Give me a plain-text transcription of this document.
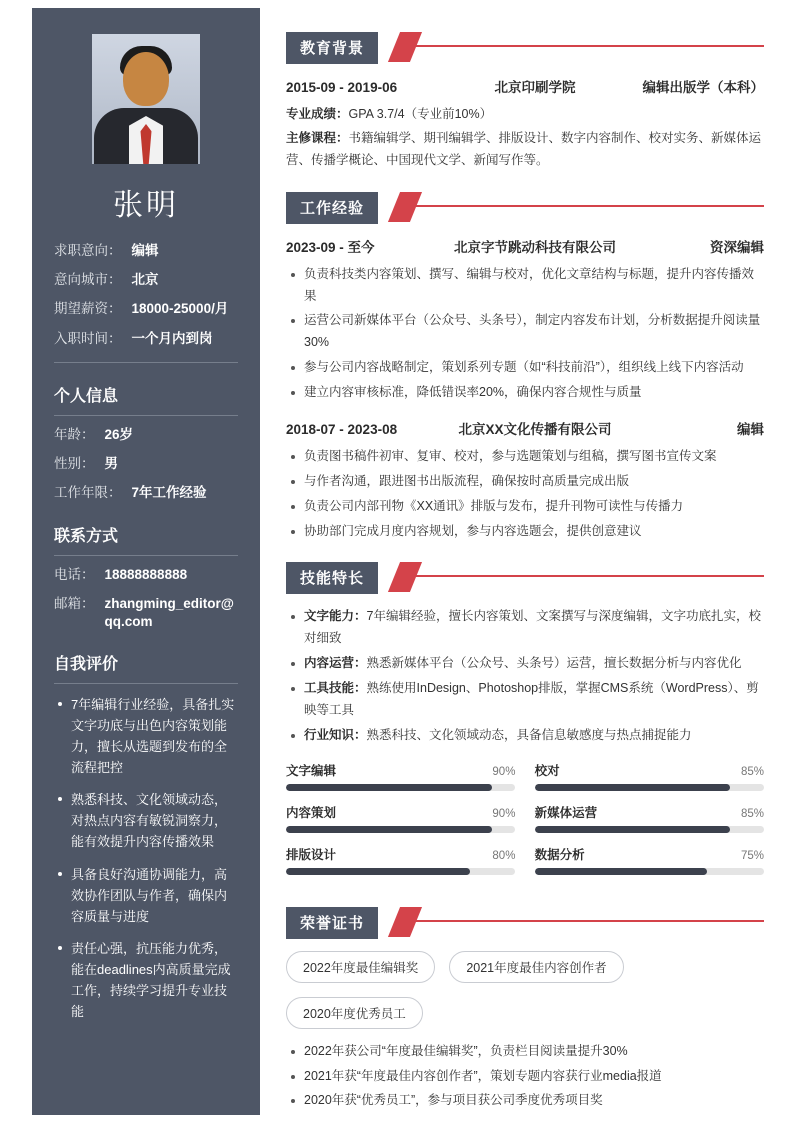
张明
求职意向： 编辑
意向城市： 北京
期望薪资： 18000-25000/月
入职时间： 一个月内到岗
个人信息
年龄： 26岁
性别： 男
工作年限： 7年工作经验
联系方式
电话： 18888888888
邮箱： zhangming_editor@qq.com
自我评价
7年编辑行业经验，具备扎实文字功底与出色内容策划能力，擅长从选题到发布的全流程把控
熟悉科技、文化领域动态，对热点内容有敏锐洞察力，能有效提升内容传播效果
具备良好沟通协调能力，高效协作团队与作者，确保内容质量与进度
责任心强，抗压能力优秀，能在deadlines内高质量完成工作，持续学习提升专业技能
教育背景
2015-09 - 2019-06	北京印刷学院	编辑出版学（本科）
专业成绩：GPA 3.7/4（专业前10%）
主修课程：书籍编辑学、期刊编辑学、排版设计、数字内容制作、校对实务、新媒体运营、传播学概论、中国现代文学、新闻写作等。
工作经验
2023-09 - 至今	北京字节跳动科技有限公司	资深编辑
负责科技类内容策划、撰写、编辑与校对，优化文章结构与标题，提升内容传播效果
运营公司新媒体平台（公众号、头条号），制定内容发布计划，分析数据提升阅读量30%
参与公司内容战略制定，策划系列专题（如“科技前沿”），组织线上线下内容活动
建立内容审核标准，降低错误率20%，确保内容合规性与质量
2018-07 - 2023-08	北京XX文化传播有限公司	编辑
负责图书稿件初审、复审、校对，参与选题策划与组稿，撰写图书宣传文案
与作者沟通，跟进图书出版流程，确保按时高质量完成出版
负责公司内部刊物《XX通讯》排版与发布，提升刊物可读性与传播力
协助部门完成月度内容规划，参与内容选题会，提供创意建议
技能特长
文字能力：7年编辑经验，擅长内容策划、文案撰写与深度编辑，文字功底扎实，校对细致
内容运营：熟悉新媒体平台（公众号、头条号）运营，擅长数据分析与内容优化
工具技能：熟练使用InDesign、Photoshop排版，掌握CMS系统（WordPress）、剪映等工具
行业知识：熟悉科技、文化领域动态，具备信息敏感度与热点捕捉能力
文字编辑	90% 校对	85%
内容策划	90% 新媒体运营	85%
排版设计	80% 数据分析	75%
荣誉证书
2022年度最佳编辑奖	2021年度最佳内容创作者
2020年度优秀员工
2022年获公司“年度最佳编辑奖”，负责栏目阅读量提升30%
2021年获“年度最佳内容创作者”，策划专题内容获行业media报道
2020年获“优秀员工”，参与项目获公司季度优秀项目奖
